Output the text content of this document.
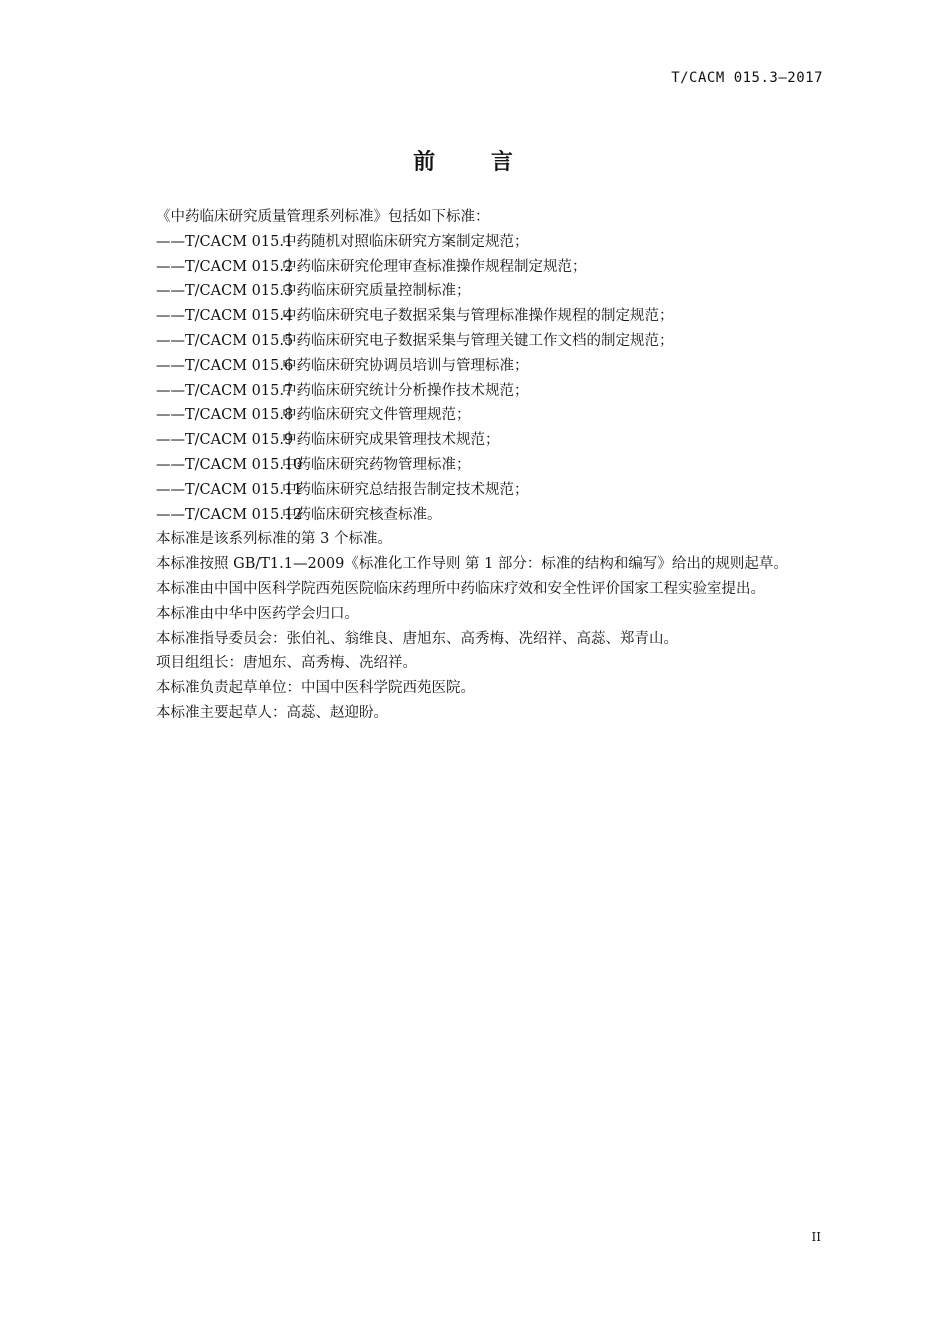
T/CACM 015.3—2017
前 言

《中药临床研究质量管理系列标准》包括如下标准：

——T/CACM 015.1中药随机对照临床研究方案制定规范；
——T/CACM 015.2中药临床研究伦理审查标准操作规程制定规范；
——T/CACM 015.3中药临床研究质量控制标准；
——T/CACM 015.4中药临床研究电子数据采集与管理标准操作规程的制定规范；
——T/CACM 015.5中药临床研究电子数据采集与管理关键工作文档的制定规范；
——T/CACM 015.6中药临床研究协调员培训与管理标准；
——T/CACM 015.7中药临床研究统计分析操作技术规范；
——T/CACM 015.8中药临床研究文件管理规范；
——T/CACM 015.9中药临床研究成果管理技术规范；
——T/CACM 015.10中药临床研究药物管理标准；
——T/CACM 015.11中药临床研究总结报告制定技术规范；
——T/CACM 015.12中药临床研究核查标准。

本标准是该系列标准的第 3 个标准。

本标准按照 GB/T1.1—2009《标准化工作导则 第 1 部分：标准的结构和编写》给出的规则起草。

本标准由中国中医科学院西苑医院临床药理所中药临床疗效和安全性评价国家工程实验室提出。

本标准由中华中医药学会归口。

本标准指导委员会：张伯礼、翁维良、唐旭东、高秀梅、冼绍祥、高蕊、郑青山。

项目组组长：唐旭东、高秀梅、冼绍祥。

本标准负责起草单位：中国中医科学院西苑医院。

本标准主要起草人：高蕊、赵迎盼。

II
